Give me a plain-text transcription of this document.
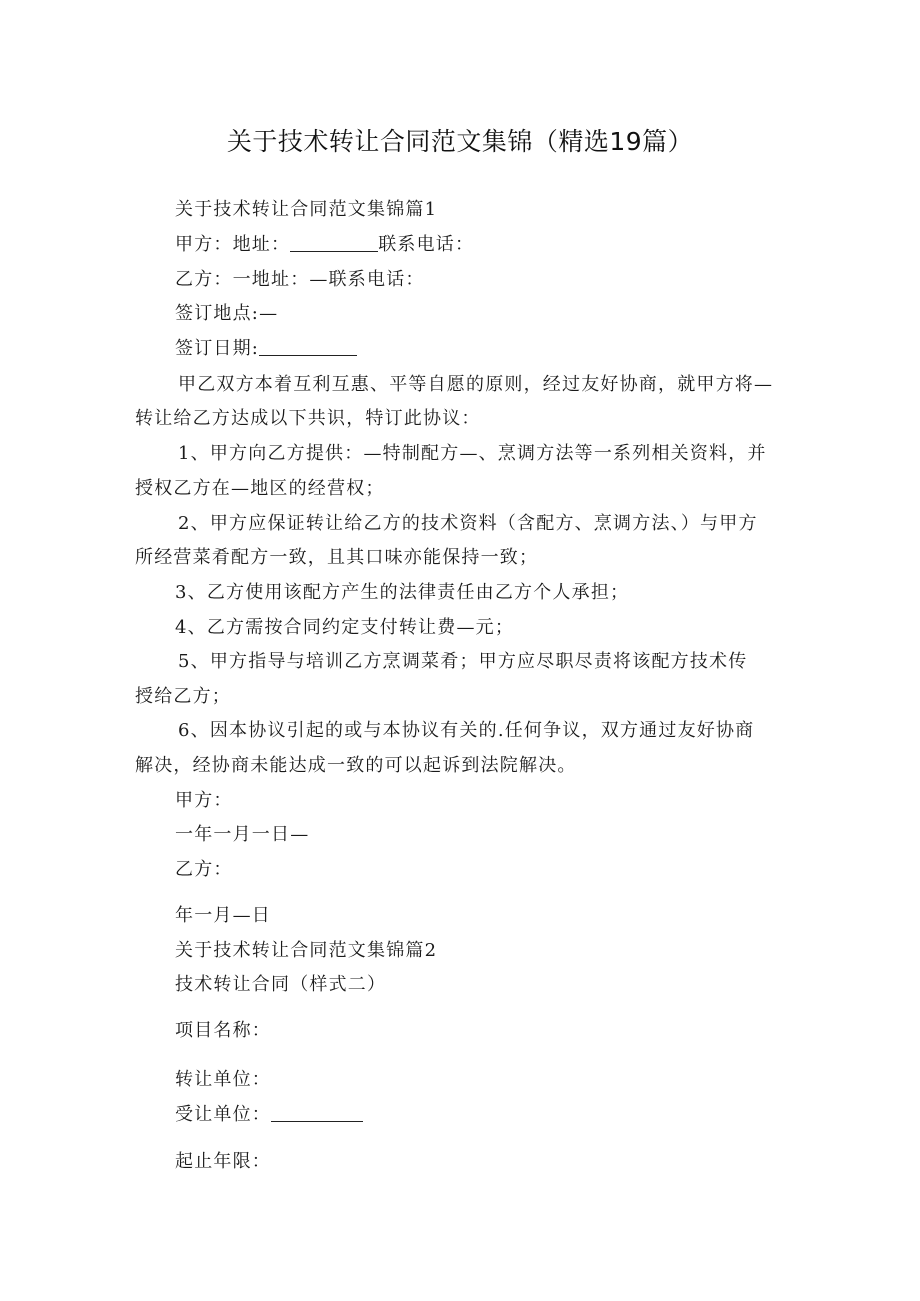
关于技术转让合同范文集锦（精选19篇）
关于技术转让合同范文集锦篇1
甲方：地址：	联系电话：
乙方：一地址：—联系电话：
签订地点:—
签订日期:
甲乙双方本着互利互惠、平等自愿的原则，经过友好协商，就甲方将—
转让给乙方达成以下共识，特订此协议：
1、甲方向乙方提供：—特制配方—、烹调方法等一系列相关资料，并
授权乙方在—地区的经营权；
2、甲方应保证转让给乙方的技术资料（含配方、烹调方法、）与甲方
所经营菜肴配方一致，且其口味亦能保持一致；
3、乙方使用该配方产生的法律责任由乙方个人承担；
4、乙方需按合同约定支付转让费—元；
5、甲方指导与培训乙方烹调菜肴；甲方应尽职尽责将该配方技术传
授给乙方；
6、因本协议引起的或与本协议有关的.任何争议，双方通过友好协商
解决，经协商未能达成一致的可以起诉到法院解决。
甲方：
一年一月一日—
乙方：
年一月—日
关于技术转让合同范文集锦篇2
技术转让合同（样式二）
项目名称：
转让单位：
受让单位：
起止年限：
